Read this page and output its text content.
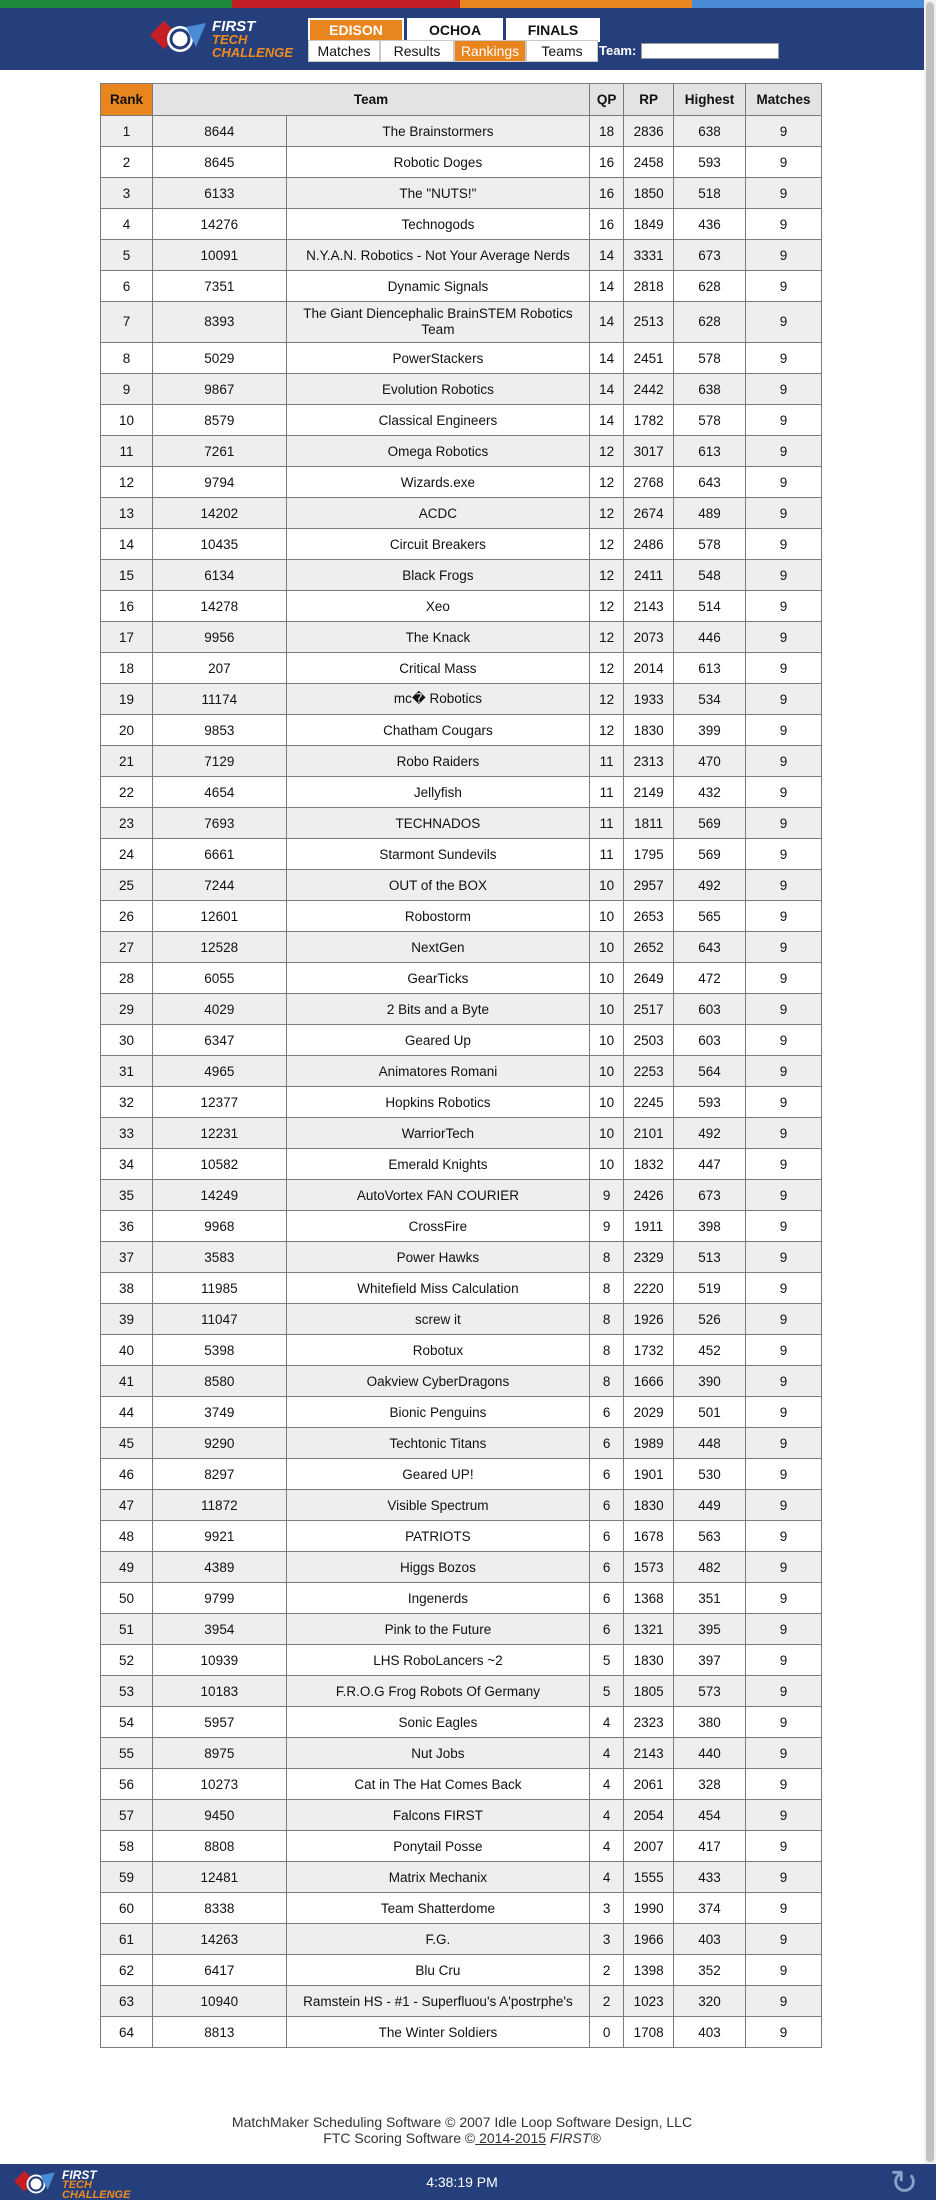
FIRST
TECH
CHALLENGE
EDISON	OCHOA	FINALS
Matches	Results	Rankings	Teams	Team:
Rank	Team		QP	RP	Highest	Matches
1	8644	The Brainstormers	18	2836	638	9
2	8645	Robotic Doges	16	2458	593	9
3	6133	The "NUTS!"	16	1850	518	9
4	14276	Technogods	16	1849	436	9
5	10091	N.Y.A.N. Robotics - Not Your Average Nerds	14	3331	673	9
6	7351	Dynamic Signals	14	2818	628	9
7	8393	The Giant Diencephalic BrainSTEM Robotics Team	14	2513	628	9
8	5029	PowerStackers	14	2451	578	9
9	9867	Evolution Robotics	14	2442	638	9
10	8579	Classical Engineers	14	1782	578	9
11	7261	Omega Robotics	12	3017	613	9
12	9794	Wizards.exe	12	2768	643	9
13	14202	ACDC	12	2674	489	9
14	10435	Circuit Breakers	12	2486	578	9
15	6134	Black Frogs	12	2411	548	9
16	14278	Xeo	12	2143	514	9
17	9956	The Knack	12	2073	446	9
18	207	Critical Mass	12	2014	613	9
19	11174	mc� Robotics	12	1933	534	9
20	9853	Chatham Cougars	12	1830	399	9
21	7129	Robo Raiders	11	2313	470	9
22	4654	Jellyfish	11	2149	432	9
23	7693	TECHNADOS	11	1811	569	9
24	6661	Starmont Sundevils	11	1795	569	9
25	7244	OUT of the BOX	10	2957	492	9
26	12601	Robostorm	10	2653	565	9
27	12528	NextGen	10	2652	643	9
28	6055	GearTicks	10	2649	472	9
29	4029	2 Bits and a Byte	10	2517	603	9
30	6347	Geared Up	10	2503	603	9
31	4965	Animatores Romani	10	2253	564	9
32	12377	Hopkins Robotics	10	2245	593	9
33	12231	WarriorTech	10	2101	492	9
34	10582	Emerald Knights	10	1832	447	9
35	14249	AutoVortex FAN COURIER	9	2426	673	9
36	9968	CrossFire	9	1911	398	9
37	3583	Power Hawks	8	2329	513	9
38	11985	Whitefield Miss Calculation	8	2220	519	9
39	11047	screw it	8	1926	526	9
40	5398	Robotux	8	1732	452	9
41	8580	Oakview CyberDragons	8	1666	390	9
44	3749	Bionic Penguins	6	2029	501	9
45	9290	Techtonic Titans	6	1989	448	9
46	8297	Geared UP!	6	1901	530	9
47	11872	Visible Spectrum	6	1830	449	9
48	9921	PATRIOTS	6	1678	563	9
49	4389	Higgs Bozos	6	1573	482	9
50	9799	Ingenerds	6	1368	351	9
51	3954	Pink to the Future	6	1321	395	9
52	10939	LHS RoboLancers ~2	5	1830	397	9
53	10183	F.R.O.G Frog Robots Of Germany	5	1805	573	9
54	5957	Sonic Eagles	4	2323	380	9
55	8975	Nut Jobs	4	2143	440	9
56	10273	Cat in The Hat Comes Back	4	2061	328	9
57	9450	Falcons FIRST	4	2054	454	9
58	8808	Ponytail Posse	4	2007	417	9
59	12481	Matrix Mechanix	4	1555	433	9
60	8338	Team Shatterdome	3	1990	374	9
61	14263	F.G.	3	1966	403	9
62	6417	Blu Cru	2	1398	352	9
63	10940	Ramstein HS - #1 - Superfluou's A'postrphe's	2	1023	320	9
64	8813	The Winter Soldiers	0	1708	403	9
MatchMaker Scheduling Software © 2007 Idle Loop Software Design, LLC
FTC Scoring Software © 2014-2015 FIRST®
FIRST
TECH
CHALLENGE
4:38:19 PM	↻
